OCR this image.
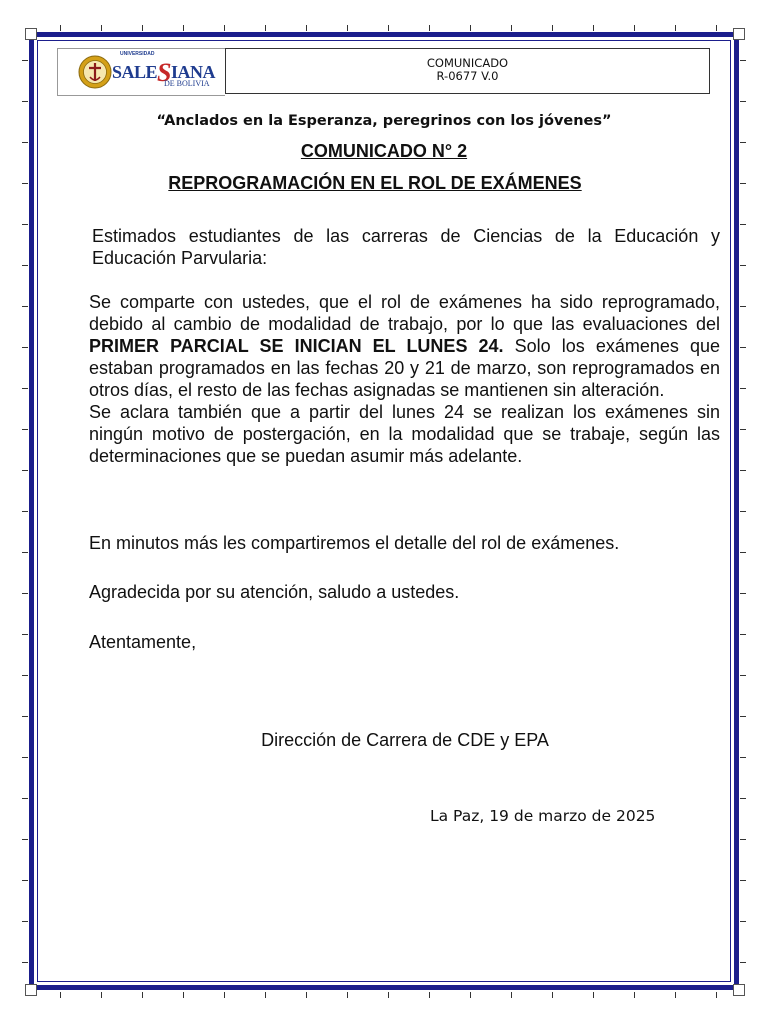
UNIVERSIDAD
SALESIANA
DE BOLIVIA
COMUNICADO
R-0677 V.0
“Anclados en la Esperanza, peregrinos con los jóvenes”
COMUNICADO N° 2
REPROGRAMACIÓN EN EL ROL DE EXÁMENES
Estimados estudiantes de las carreras de Ciencias de la Educación y Educación Parvularia:

Se comparte con ustedes, que el rol de exámenes ha sido reprogramado, debido al cambio de modalidad de trabajo, por lo que las evaluaciones del PRIMER PARCIAL SE INICIAN EL LUNES 24. Solo los exámenes que estaban programados en las fechas 20 y 21 de marzo, son reprogramados en otros días, el resto de las fechas asignadas se mantienen sin alteración.

Se aclara también que a partir del lunes 24 se realizan los exámenes sin ningún motivo de postergación, en la modalidad que se trabaje, según las determinaciones que se puedan asumir más adelante.

En minutos más les compartiremos el detalle del rol de exámenes.
Agradecida por su atención, saludo a ustedes.
Atentamente,
Dirección de Carrera de CDE y EPA
La Paz, 19 de marzo de 2025
